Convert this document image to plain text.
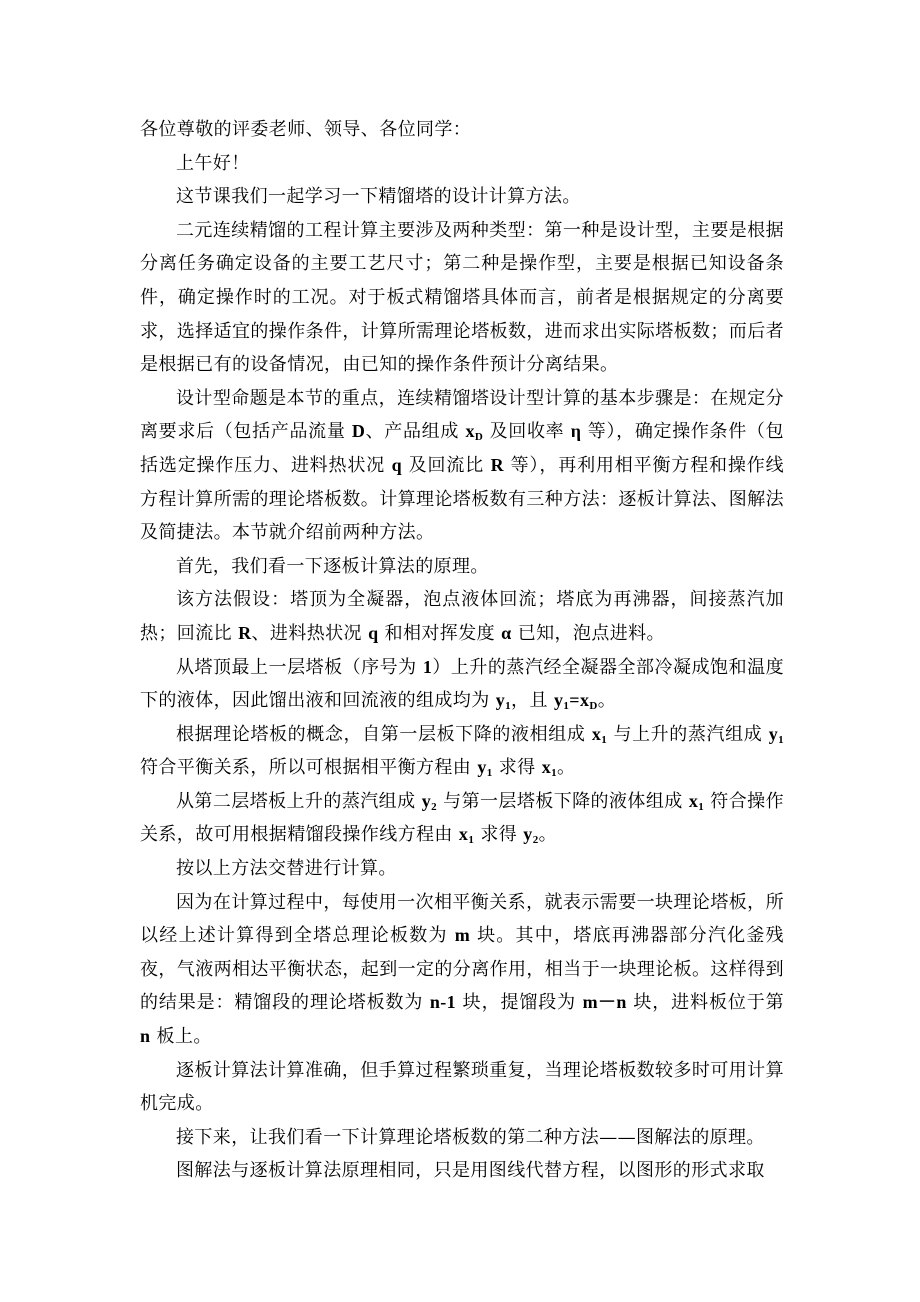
各位尊敬的评委老师、领导、各位同学：

上午好！

这节课我们一起学习一下精馏塔的设计计算方法。

二元连续精馏的工程计算主要涉及两种类型：第一种是设计型，主要是根据分离任务确定设备的主要工艺尺寸；第二种是操作型，主要是根据已知设备条件，确定操作时的工况。对于板式精馏塔具体而言，前者是根据规定的分离要求，选择适宜的操作条件，计算所需理论塔板数，进而求出实际塔板数；而后者是根据已有的设备情况，由已知的操作条件预计分离结果。

设计型命题是本节的重点，连续精馏塔设计型计算的基本步骤是：在规定分离要求后（包括产品流量 D、产品组成 $x_D$ 及回收率 η 等），确定操作条件（包括选定操作压力、进料热状况 q 及回流比 R 等），再利用相平衡方程和操作线方程计算所需的理论塔板数。计算理论塔板数有三种方法：逐板计算法、图解法及简捷法。本节就介绍前两种方法。

首先，我们看一下逐板计算法的原理。

该方法假设：塔顶为全凝器，泡点液体回流；塔底为再沸器，间接蒸汽加热；回流比 R、进料热状况 q 和相对挥发度 α 已知，泡点进料。

从塔顶最上一层塔板（序号为 1）上升的蒸汽经全凝器全部冷凝成饱和温度下的液体，因此馏出液和回流液的组成均为 $y_1$，且 $y_1=x_D$。

根据理论塔板的概念，自第一层板下降的液相组成 $x_1$ 与上升的蒸汽组成 $y_1$ 符合平衡关系，所以可根据相平衡方程由 $y_1$ 求得 $x_1$。

从第二层塔板上升的蒸汽组成 $y_2$ 与第一层塔板下降的液体组成 $x_1$ 符合操作关系，故可用根据精馏段操作线方程由 $x_1$ 求得 $y_2$。

按以上方法交替进行计算。

因为在计算过程中，每使用一次相平衡关系，就表示需要一块理论塔板，所以经上述计算得到全塔总理论板数为 m 块。其中，塔底再沸器部分汽化釜残夜，气液两相达平衡状态，起到一定的分离作用，相当于一块理论板。这样得到的结果是：精馏段的理论塔板数为 n-1 块，提馏段为 m－n 块，进料板位于第 n 板上。

逐板计算法计算准确，但手算过程繁琐重复，当理论塔板数较多时可用计算机完成。

接下来，让我们看一下计算理论塔板数的第二种方法——图解法的原理。

图解法与逐板计算法原理相同，只是用图线代替方程，以图形的形式求取
